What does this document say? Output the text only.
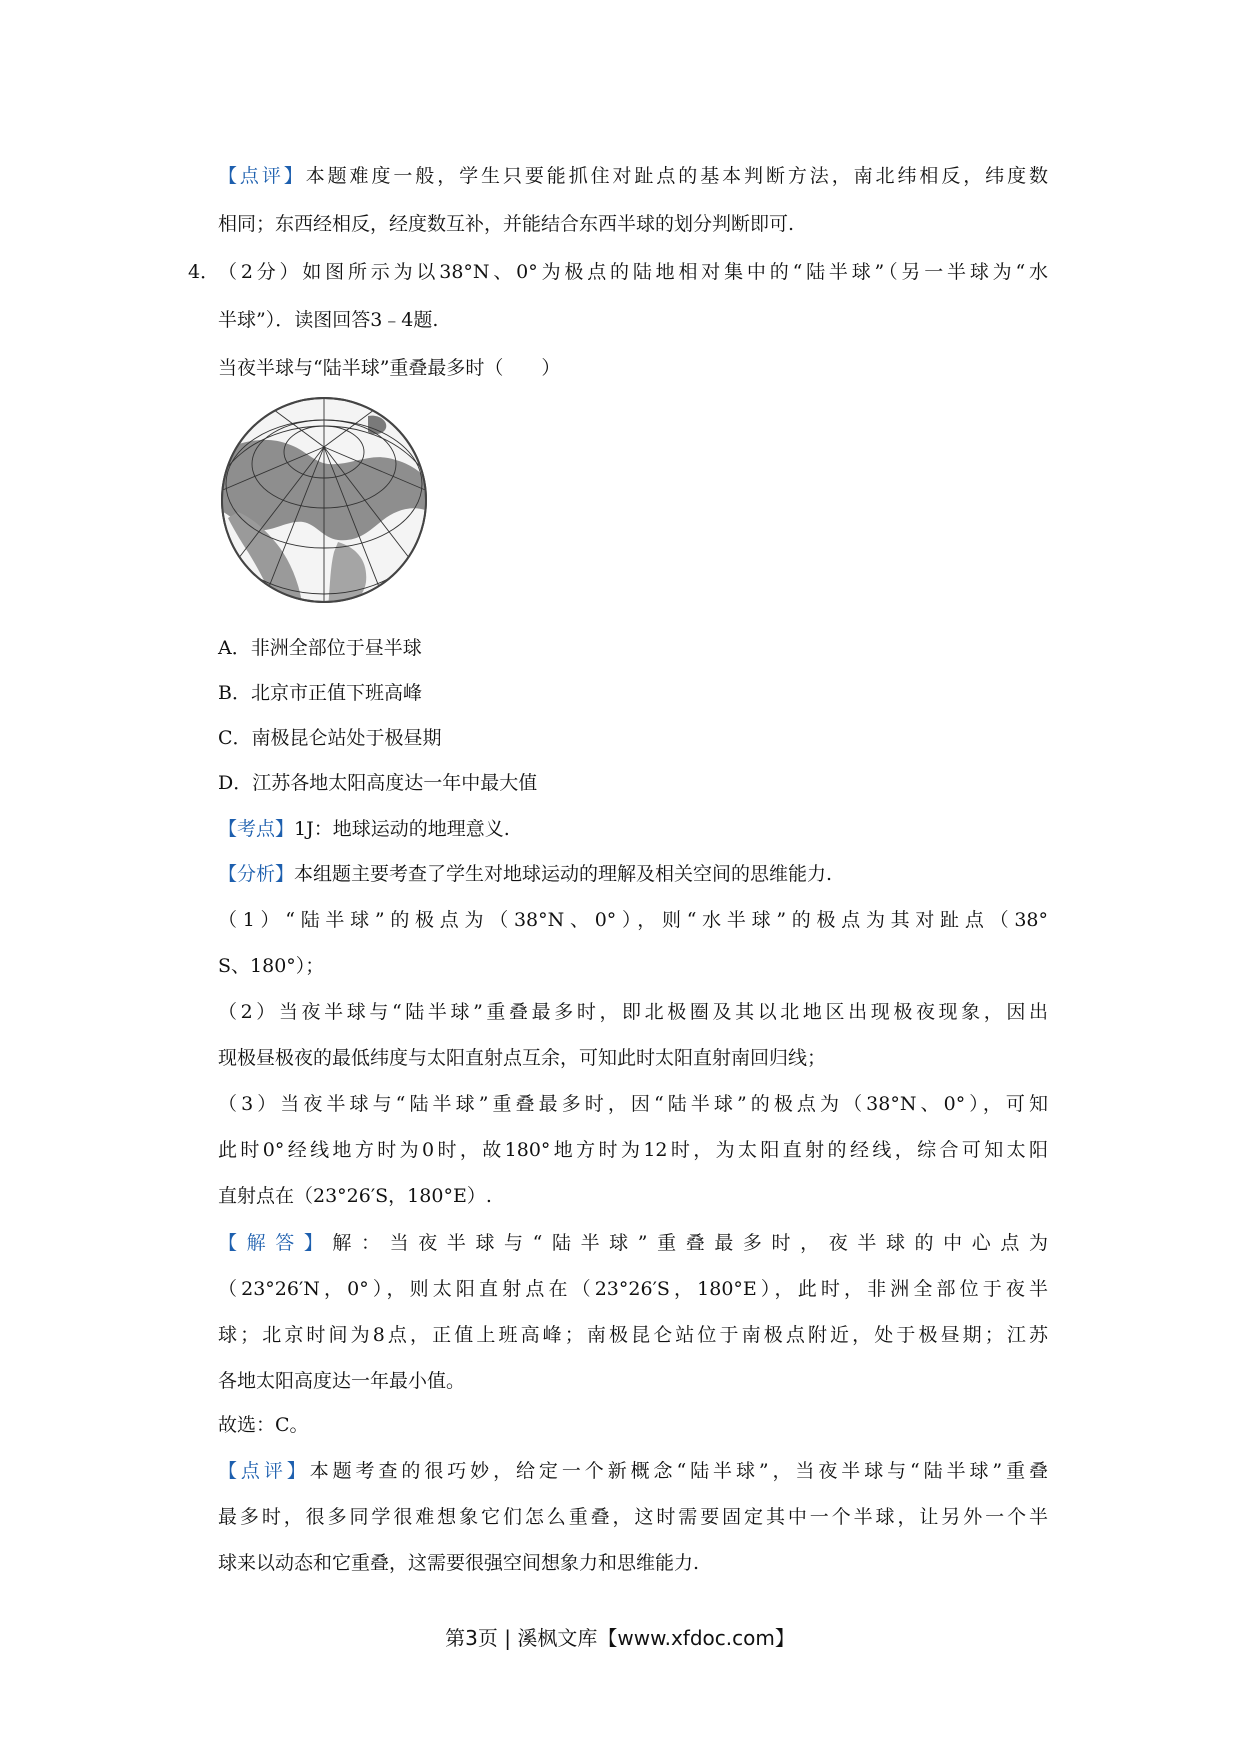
【点评】本题难度一般，学生只要能抓住对趾点的基本判断方法，南北纬相反，纬度数
相同；东西经相反，经度数互补，并能结合东西半球的划分判断即可.
4．
（2分）如图所示为以38°N、0°为极点的陆地相对集中的“陆半球”（另一半球为“水
半球”）．读图回答3﹣4题.
当夜半球与“陆半球”重叠最多时（　　）
A．非洲全部位于昼半球
B．北京市正值下班高峰
C．南极昆仑站处于极昼期
D．江苏各地太阳高度达一年中最大值
【考点】1J：地球运动的地理意义.
【分析】本组题主要考查了学生对地球运动的理解及相关空间的思维能力.
（1）“陆半球”的极点为（38°N、0°），则“水半球”的极点为其对趾点（38°
S、180°）；
（2）当夜半球与“陆半球”重叠最多时，即北极圈及其以北地区出现极夜现象，因出
现极昼极夜的最低纬度与太阳直射点互余，可知此时太阳直射南回归线；
（3）当夜半球与“陆半球”重叠最多时，因“陆半球”的极点为（38°N、0°），可知
此时0°经线地方时为0时，故180°地方时为12时，为太阳直射的经线，综合可知太阳
直射点在（23°26′S，180°E）.
【解答】解：当夜半球与“陆半球”重叠最多时，夜半球的中心点为
（23°26′N，0°），则太阳直射点在（23°26′S，180°E），此时，非洲全部位于夜半
球；北京时间为8点，正值上班高峰；南极昆仑站位于南极点附近，处于极昼期；江苏
各地太阳高度达一年最小值。
故选：C。
【点评】本题考查的很巧妙，给定一个新概念“陆半球”，当夜半球与“陆半球”重叠
最多时，很多同学很难想象它们怎么重叠，这时需要固定其中一个半球，让另外一个半
球来以动态和它重叠，这需要很强空间想象力和思维能力.
第3页 | 溪枫文库【www.xfdoc.com】
